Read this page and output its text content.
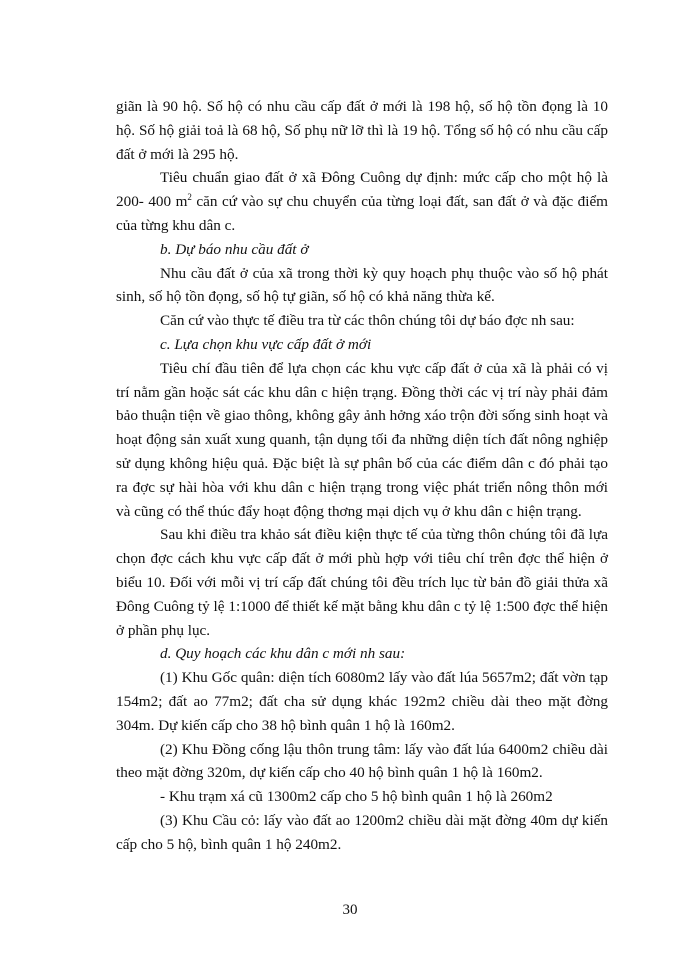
giãn là 90 hộ. Số hộ có nhu cầu cấp đất ở mới là 198 hộ, số hộ tồn đọng là 10 hộ. Số hộ giải toả là 68 hộ, Số phụ nữ lỡ thì là 19 hộ. Tổng số hộ có nhu cầu cấp đất ở mới là 295 hộ.

Tiêu chuẩn giao đất ở xã Đông Cuông dự định: mức cấp cho một hộ là 200- 400 $m^2$ căn cứ vào sự chu chuyển của từng loại đất, san đất ở và đặc điểm của từng khu dân c.

b. Dự báo nhu cầu đất ở

Nhu cầu đất ở của xã trong thời kỳ quy hoạch phụ thuộc vào số hộ phát sinh, số hộ tồn đọng, số hộ tự giãn, số hộ có khả năng thừa kế.

Căn cứ vào thực tế điều tra từ các thôn chúng tôi dự báo đợc nh sau:

c. Lựa chọn khu vực cấp đất ở mới

Tiêu chí đầu tiên để lựa chọn các khu vực cấp đất ở của xã là phải có vị trí nằm gần hoặc sát các khu dân c hiện trạng. Đồng thời các vị trí này phải đảm bảo thuận tiện về giao thông, không gây ảnh hởng xáo trộn đời sống sinh hoạt và hoạt động sản xuất xung quanh, tận dụng tối đa những diện tích đất nông nghiệp sử dụng không hiệu quả. Đặc biệt là sự phân bố của các điểm dân c đó phải tạo ra đợc sự hài hòa với khu dân c hiện trạng trong việc phát triển nông thôn mới và cũng có thể thúc đẩy hoạt động thơng mại dịch vụ ở khu dân c hiện trạng.

Sau khi điều tra khảo sát điều kiện thực tế của từng thôn chúng tôi đã lựa chọn đợc cách khu vực cấp đất ở mới phù hợp với tiêu chí trên đợc thể hiện ở biểu 10. Đối với mỗi vị trí cấp đất chúng tôi đều trích lục từ bản đồ giải thửa xã Đông Cuông tỷ lệ 1:1000 để thiết kế mặt bằng khu dân c tỷ lệ 1:500 đợc thể hiện ở phần phụ lục.

d. Quy hoạch các khu dân c mới nh sau:

(1) Khu Gốc quân: diện tích 6080m2 lấy vào đất lúa 5657m2; đất vờn tạp 154m2; đất ao 77m2; đất cha sử dụng khác 192m2 chiều dài theo mặt đờng 304m. Dự kiến cấp cho 38 hộ bình quân 1 hộ là 160m2.

(2) Khu Đồng cống lậu thôn trung tâm: lấy vào đất lúa 6400m2 chiều dài theo mặt đờng 320m, dự kiến cấp cho 40 hộ bình quân 1 hộ là 160m2.

- Khu trạm xá cũ 1300m2 cấp cho 5 hộ bình quân 1 hộ là 260m2

(3) Khu Cầu cỏ: lấy vào đất ao 1200m2 chiều dài mặt đờng 40m dự kiến cấp cho 5 hộ, bình quân 1 hộ 240m2.

30
